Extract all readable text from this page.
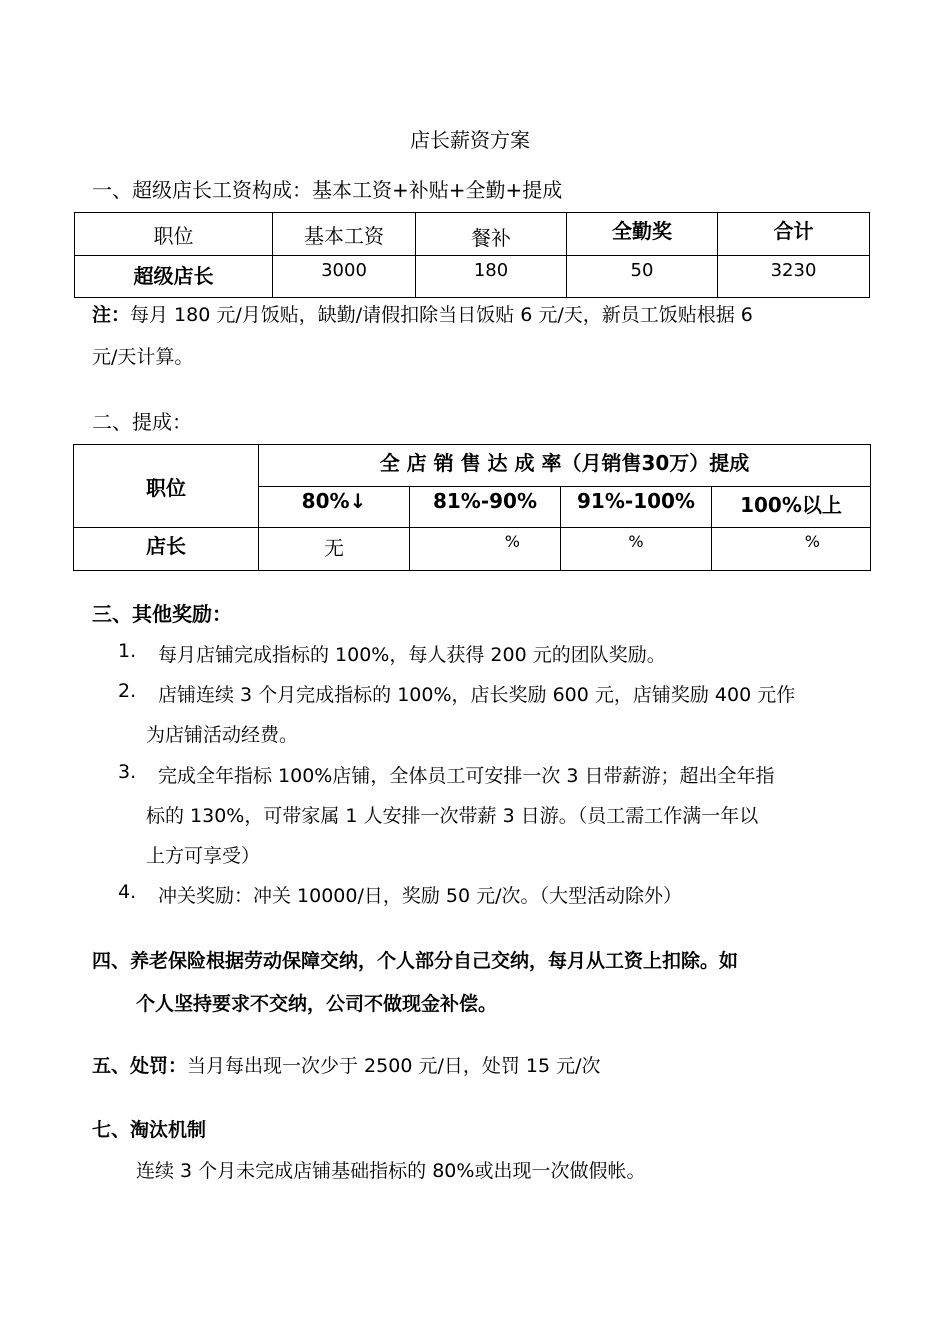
店长薪资方案
一、超级店长工资构成：基本工资+补贴+全勤+提成
职位	基本工资	餐补	全勤奖	合计
超级店长	3000	180	50	3230
注：每月 180 元/月饭贴，缺勤/请假扣除当日饭贴 6 元/天，新员工饭贴根据 6
元/天计算。
二、提成：
职位	全 店 销 售 达 成 率（月销售30万）提成			
	80%↓	81%-90%	91%-100%	100%以上
店长	无	%	%	%
三、其他奖励：
1. 每月店铺完成指标的 100%，每人获得 200 元的团队奖励。
2. 店铺连续 3 个月完成指标的 100%，店长奖励 600 元，店铺奖励 400 元作
为店铺活动经费。
3. 完成全年指标 100%店铺，全体员工可安排一次 3 日带薪游；超出全年指
标的 130%，可带家属 1 人安排一次带薪 3 日游。（员工需工作满一年以
上方可享受）
4. 冲关奖励：冲关 10000/日，奖励 50 元/次。（大型活动除外）
四、养老保险根据劳动保障交纳，个人部分自己交纳，每月从工资上扣除。如
个人坚持要求不交纳，公司不做现金补偿。
五、处罚：当月每出现一次少于 2500 元/日，处罚 15 元/次
七、淘汰机制
连续 3 个月未完成店铺基础指标的 80%或出现一次做假帐。
